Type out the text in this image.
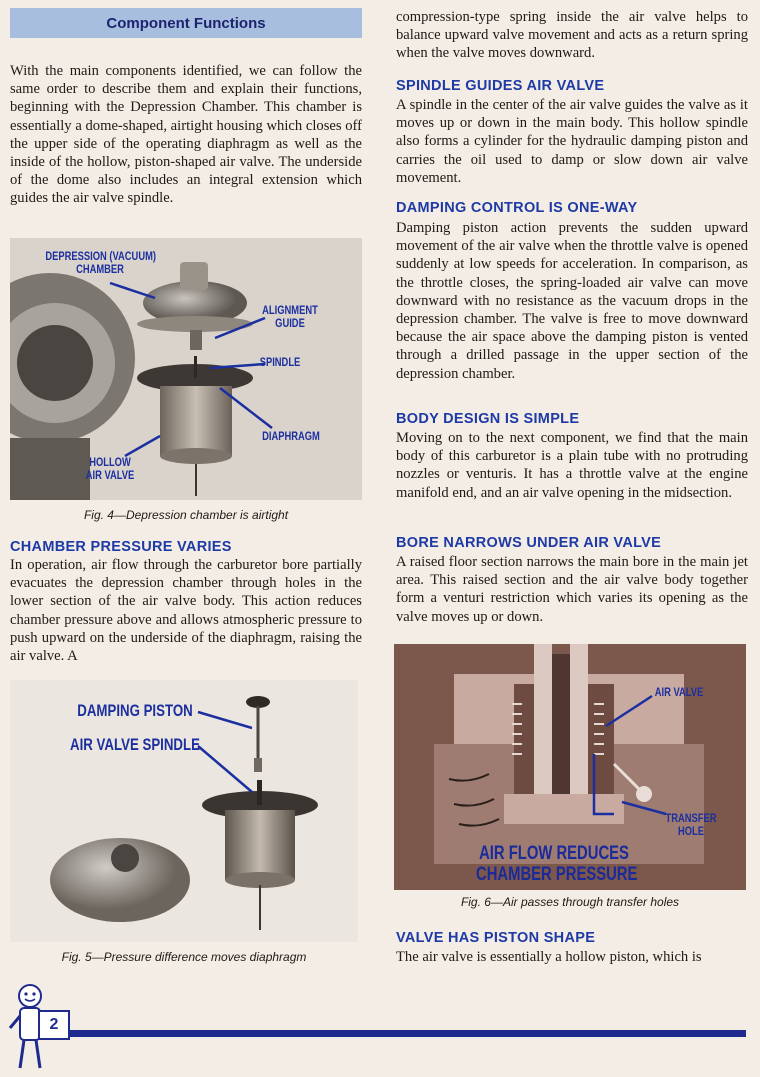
Component Functions

With the main components identified, we can follow the same order to describe them and explain their functions, beginning with the Depression Chamber. This chamber is essentially a dome-shaped, airtight housing which closes off the upper side of the operating diaphragm as well as the inside of the hollow, piston-shaped air valve. The underside of the dome also includes an integral extension which guides the air valve spindle.

DEPRESSION (VACUUM)
CHAMBER
ALIGNMENT
GUIDE
SPINDLE
DIAPHRAGM
HOLLOW
AIR VALVE
Fig. 4—Depression chamber is airtight
CHAMBER PRESSURE VARIES

In operation, air flow through the carburetor bore partially evacuates the depression chamber through holes in the lower section of the air valve body. This action reduces chamber pressure above and allows atmospheric pressure to push upward on the underside of the diaphragm, raising the air valve. A

DAMPING PISTON
AIR VALVE SPINDLE
Fig. 5—Pressure difference moves diaphragm

compression-type spring inside the air valve helps to balance upward valve movement and acts as a return spring when the valve moves downward.

SPINDLE GUIDES AIR VALVE

A spindle in the center of the air valve guides the valve as it moves up or down in the main body. This hollow spindle also forms a cylinder for the hydraulic damping piston and carries the oil used to damp or slow down air valve movement.

DAMPING CONTROL IS ONE-WAY

Damping piston action prevents the sudden upward movement of the air valve when the throttle valve is opened suddenly at low speeds for acceleration. In comparison, as the throttle closes, the spring-loaded air valve can move downward with no resistance as the vacuum drops in the depression chamber. The valve is free to move downward because the air space above the damping piston is vented through a drilled passage in the upper section of the depression chamber.

BODY DESIGN IS SIMPLE

Moving on to the next component, we find that the main body of this carburetor is a plain tube with no protruding nozzles or venturis. It has a throttle valve at the engine manifold end, and an air valve opening in the midsection.

BORE NARROWS UNDER AIR VALVE

A raised floor section narrows the main bore in the main jet area. This raised section and the air valve body together form a venturi restriction which varies its opening as the valve moves up or down.

AIR VALVE
TRANSFER
HOLE
AIR FLOW REDUCES
CHAMBER PRESSURE
Fig. 6—Air passes through transfer holes
VALVE HAS PISTON SHAPE

The air valve is essentially a hollow piston, which is

2
